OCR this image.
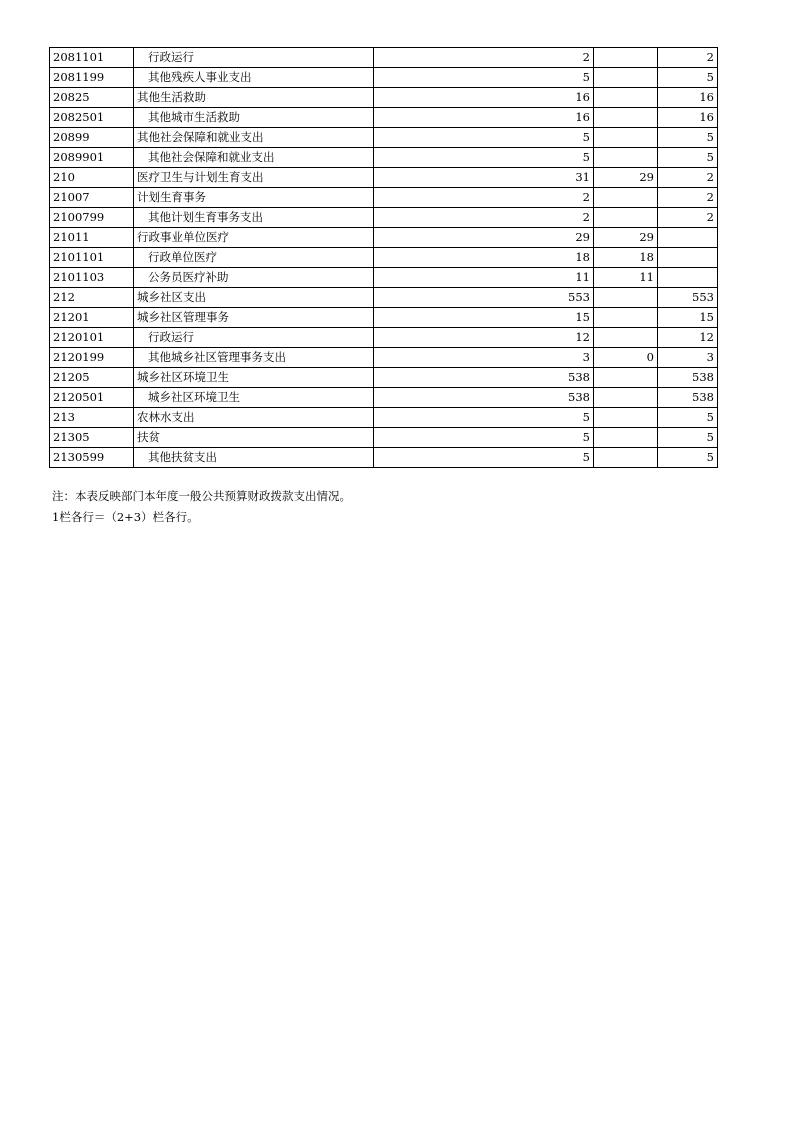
2081101	行政运行	2		2
2081199	其他残疾人事业支出	5		5
20825	其他生活救助	16		16
2082501	其他城市生活救助	16		16
20899	其他社会保障和就业支出	5		5
2089901	其他社会保障和就业支出	5		5
210	医疗卫生与计划生育支出	31	29	2
21007	计划生育事务	2		2
2100799	其他计划生育事务支出	2		2
21011	行政事业单位医疗	29	29	
2101101	行政单位医疗	18	18	
2101103	公务员医疗补助	11	11	
212	城乡社区支出	553		553
21201	城乡社区管理事务	15		15
2120101	行政运行	12		12
2120199	其他城乡社区管理事务支出	3	0	3
21205	城乡社区环境卫生	538		538
2120501	城乡社区环境卫生	538		538
213	农林水支出	5		5
21305	扶贫	5		5
2130599	其他扶贫支出	5		5
注：本表反映部门本年度一般公共预算财政拨款支出情况。
1栏各行＝（2+3）栏各行。
